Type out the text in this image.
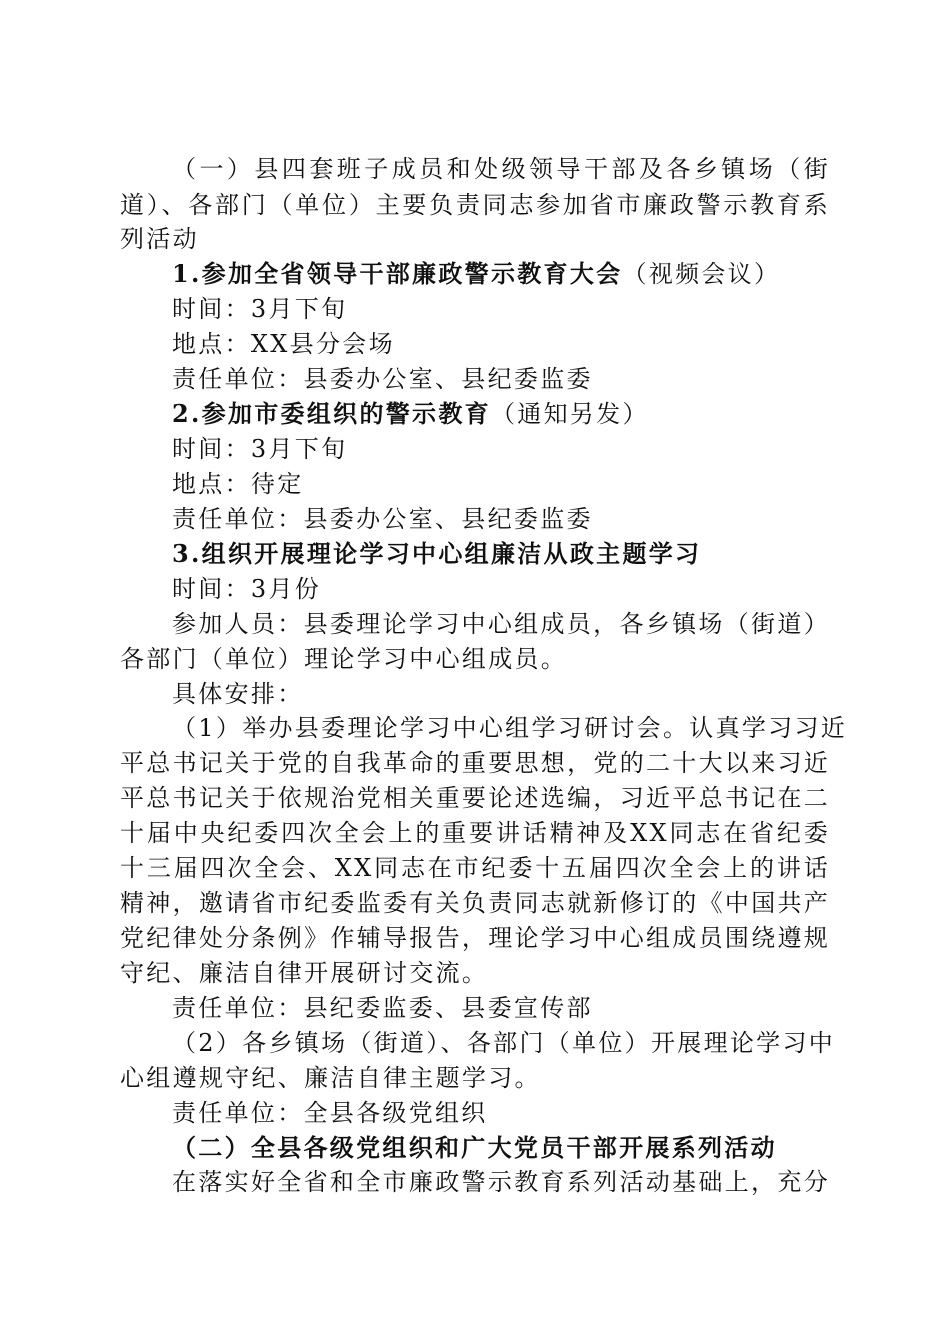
（一）县四套班子成员和处级领导干部及各乡镇场（街
道）、各部门（单位）主要负责同志参加省市廉政警示教育系
列活动
1.参加全省领导干部廉政警示教育大会（视频会议）
时间：3月下旬
地点：XX县分会场
责任单位：县委办公室、县纪委监委
2.参加市委组织的警示教育（通知另发）
时间：3月下旬
地点：待定
责任单位：县委办公室、县纪委监委
3.组织开展理论学习中心组廉洁从政主题学习
时间：3月份
参加人员：县委理论学习中心组成员，各乡镇场（街道）
各部门（单位）理论学习中心组成员。
具体安排：
（1）举办县委理论学习中心组学习研讨会。认真学习习近
平总书记关于党的自我革命的重要思想，党的二十大以来习近
平总书记关于依规治党相关重要论述选编，习近平总书记在二
十届中央纪委四次全会上的重要讲话精神及XX同志在省纪委
十三届四次全会、XX同志在市纪委十五届四次全会上的讲话
精神，邀请省市纪委监委有关负责同志就新修订的《中国共产
党纪律处分条例》作辅导报告，理论学习中心组成员围绕遵规
守纪、廉洁自律开展研讨交流。
责任单位：县纪委监委、县委宣传部
（2）各乡镇场（街道）、各部门（单位）开展理论学习中
心组遵规守纪、廉洁自律主题学习。
责任单位：全县各级党组织
（二）全县各级党组织和广大党员干部开展系列活动
在落实好全省和全市廉政警示教育系列活动基础上，充分
